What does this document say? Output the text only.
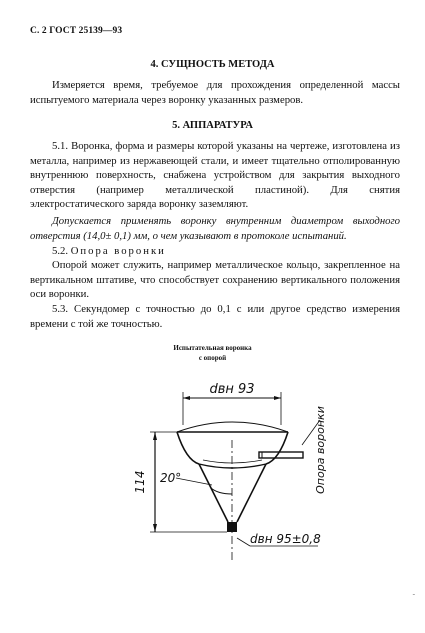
С. 2 ГОСТ 25139—93
4. СУЩНОСТЬ МЕТОДА
Измеряется время, требуемое для прохождения определенной массы испытуемого материала через воронку указанных размеров.
5. АППАРАТУРА
5.1. Воронка, форма и размеры которой указаны на чертеже, изготовлена из металла, например из нержавеющей стали, и имеет тщательно отполированную внутреннюю поверхность, снабжена устройством для закрытия выходного отверстия (например металлической пластиной). Для снятия электростатического заряда воронку заземляют.
Допускается применять воронку внутренним диаметром выходного отверстия (14,0± 0,1) мм, о чем указывают в протоколе испытаний.
5.2. Опора воронки
Опорой может служить, например металлическое кольцо, закрепленное на вертикальном штативе, что способствует сохранению вертикального положения оси воронки.
5.3. Секундомер с точностью до 0,1 с или другое средство измерения времени с той же точностью.
Испытательная воронка
с опорой
dвн 93
114 20°	Опора воронки
dвн 95±0,8
ˇ
